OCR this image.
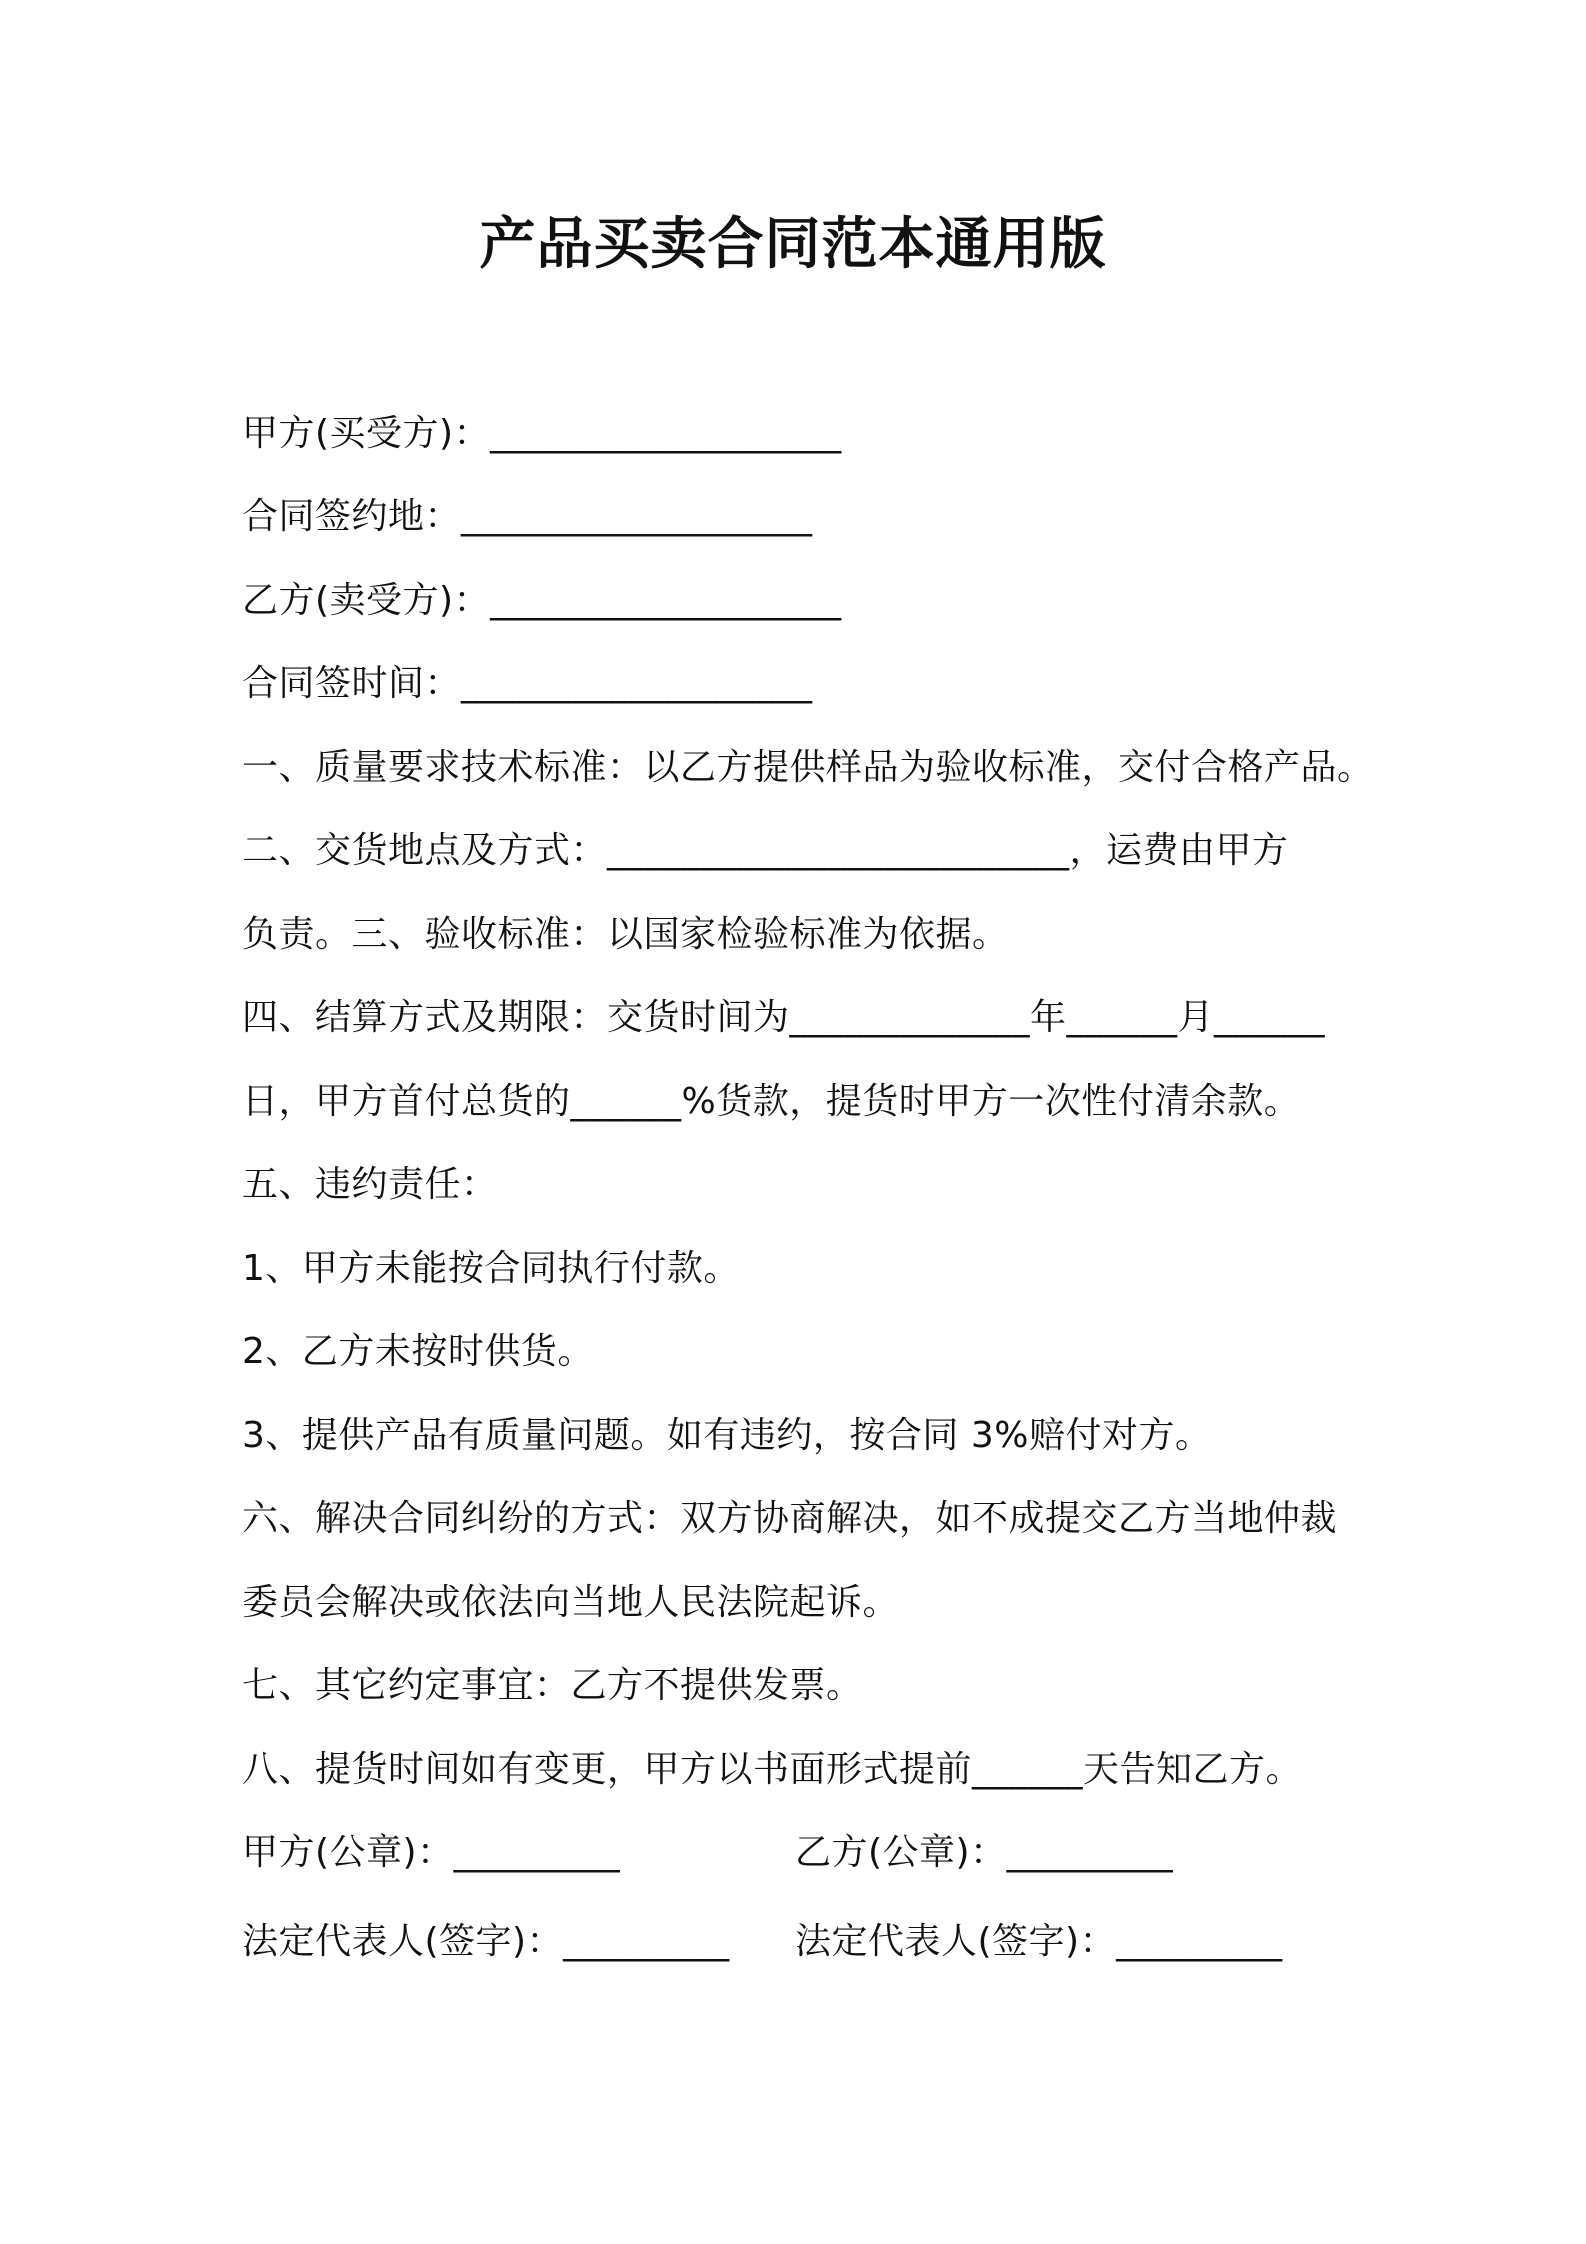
产品买卖合同范本通用版
甲方(买受方)：___________________
合同签约地：___________________
乙方(卖受方)：___________________
合同签时间：___________________
一、质量要求技术标准：以乙方提供样品为验收标准，交付合格产品。
二、交货地点及方式：_________________________，运费由甲方
负责。三、验收标准：以国家检验标准为依据。
四、结算方式及期限：交货时间为_____________年______月______
日，甲方首付总货的______%货款，提货时甲方一次性付清余款。
五、违约责任：
1、甲方未能按合同执行付款。
2、乙方未按时供货。
3、提供产品有质量问题。如有违约，按合同 3%赔付对方。
六、解决合同纠纷的方式：双方协商解决，如不成提交乙方当地仲裁
委员会解决或依法向当地人民法院起诉。
七、其它约定事宜：乙方不提供发票。
八、提货时间如有变更，甲方以书面形式提前______天告知乙方。
甲方(公章)：_________	乙方(公章)：_________
法定代表人(签字)：_________ 法定代表人(签字)：_________
